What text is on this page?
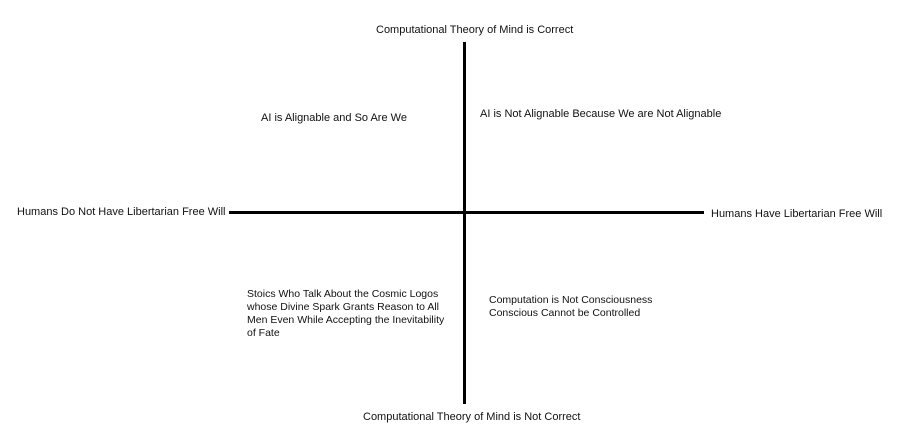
Computational Theory of Mind is Correct
Computational Theory of Mind is Not Correct
Humans Do Not Have Libertarian Free Will	Humans Have Libertarian Free Will
AI is Alignable and So Are We	AI is Not Alignable Because We are Not Alignable
Stoics Who Talk About the Cosmic Logos
whose Divine Spark Grants Reason to All
Men Even While Accepting the Inevitability
of Fate
Computation is Not Consciousness
Conscious Cannot be Controlled
